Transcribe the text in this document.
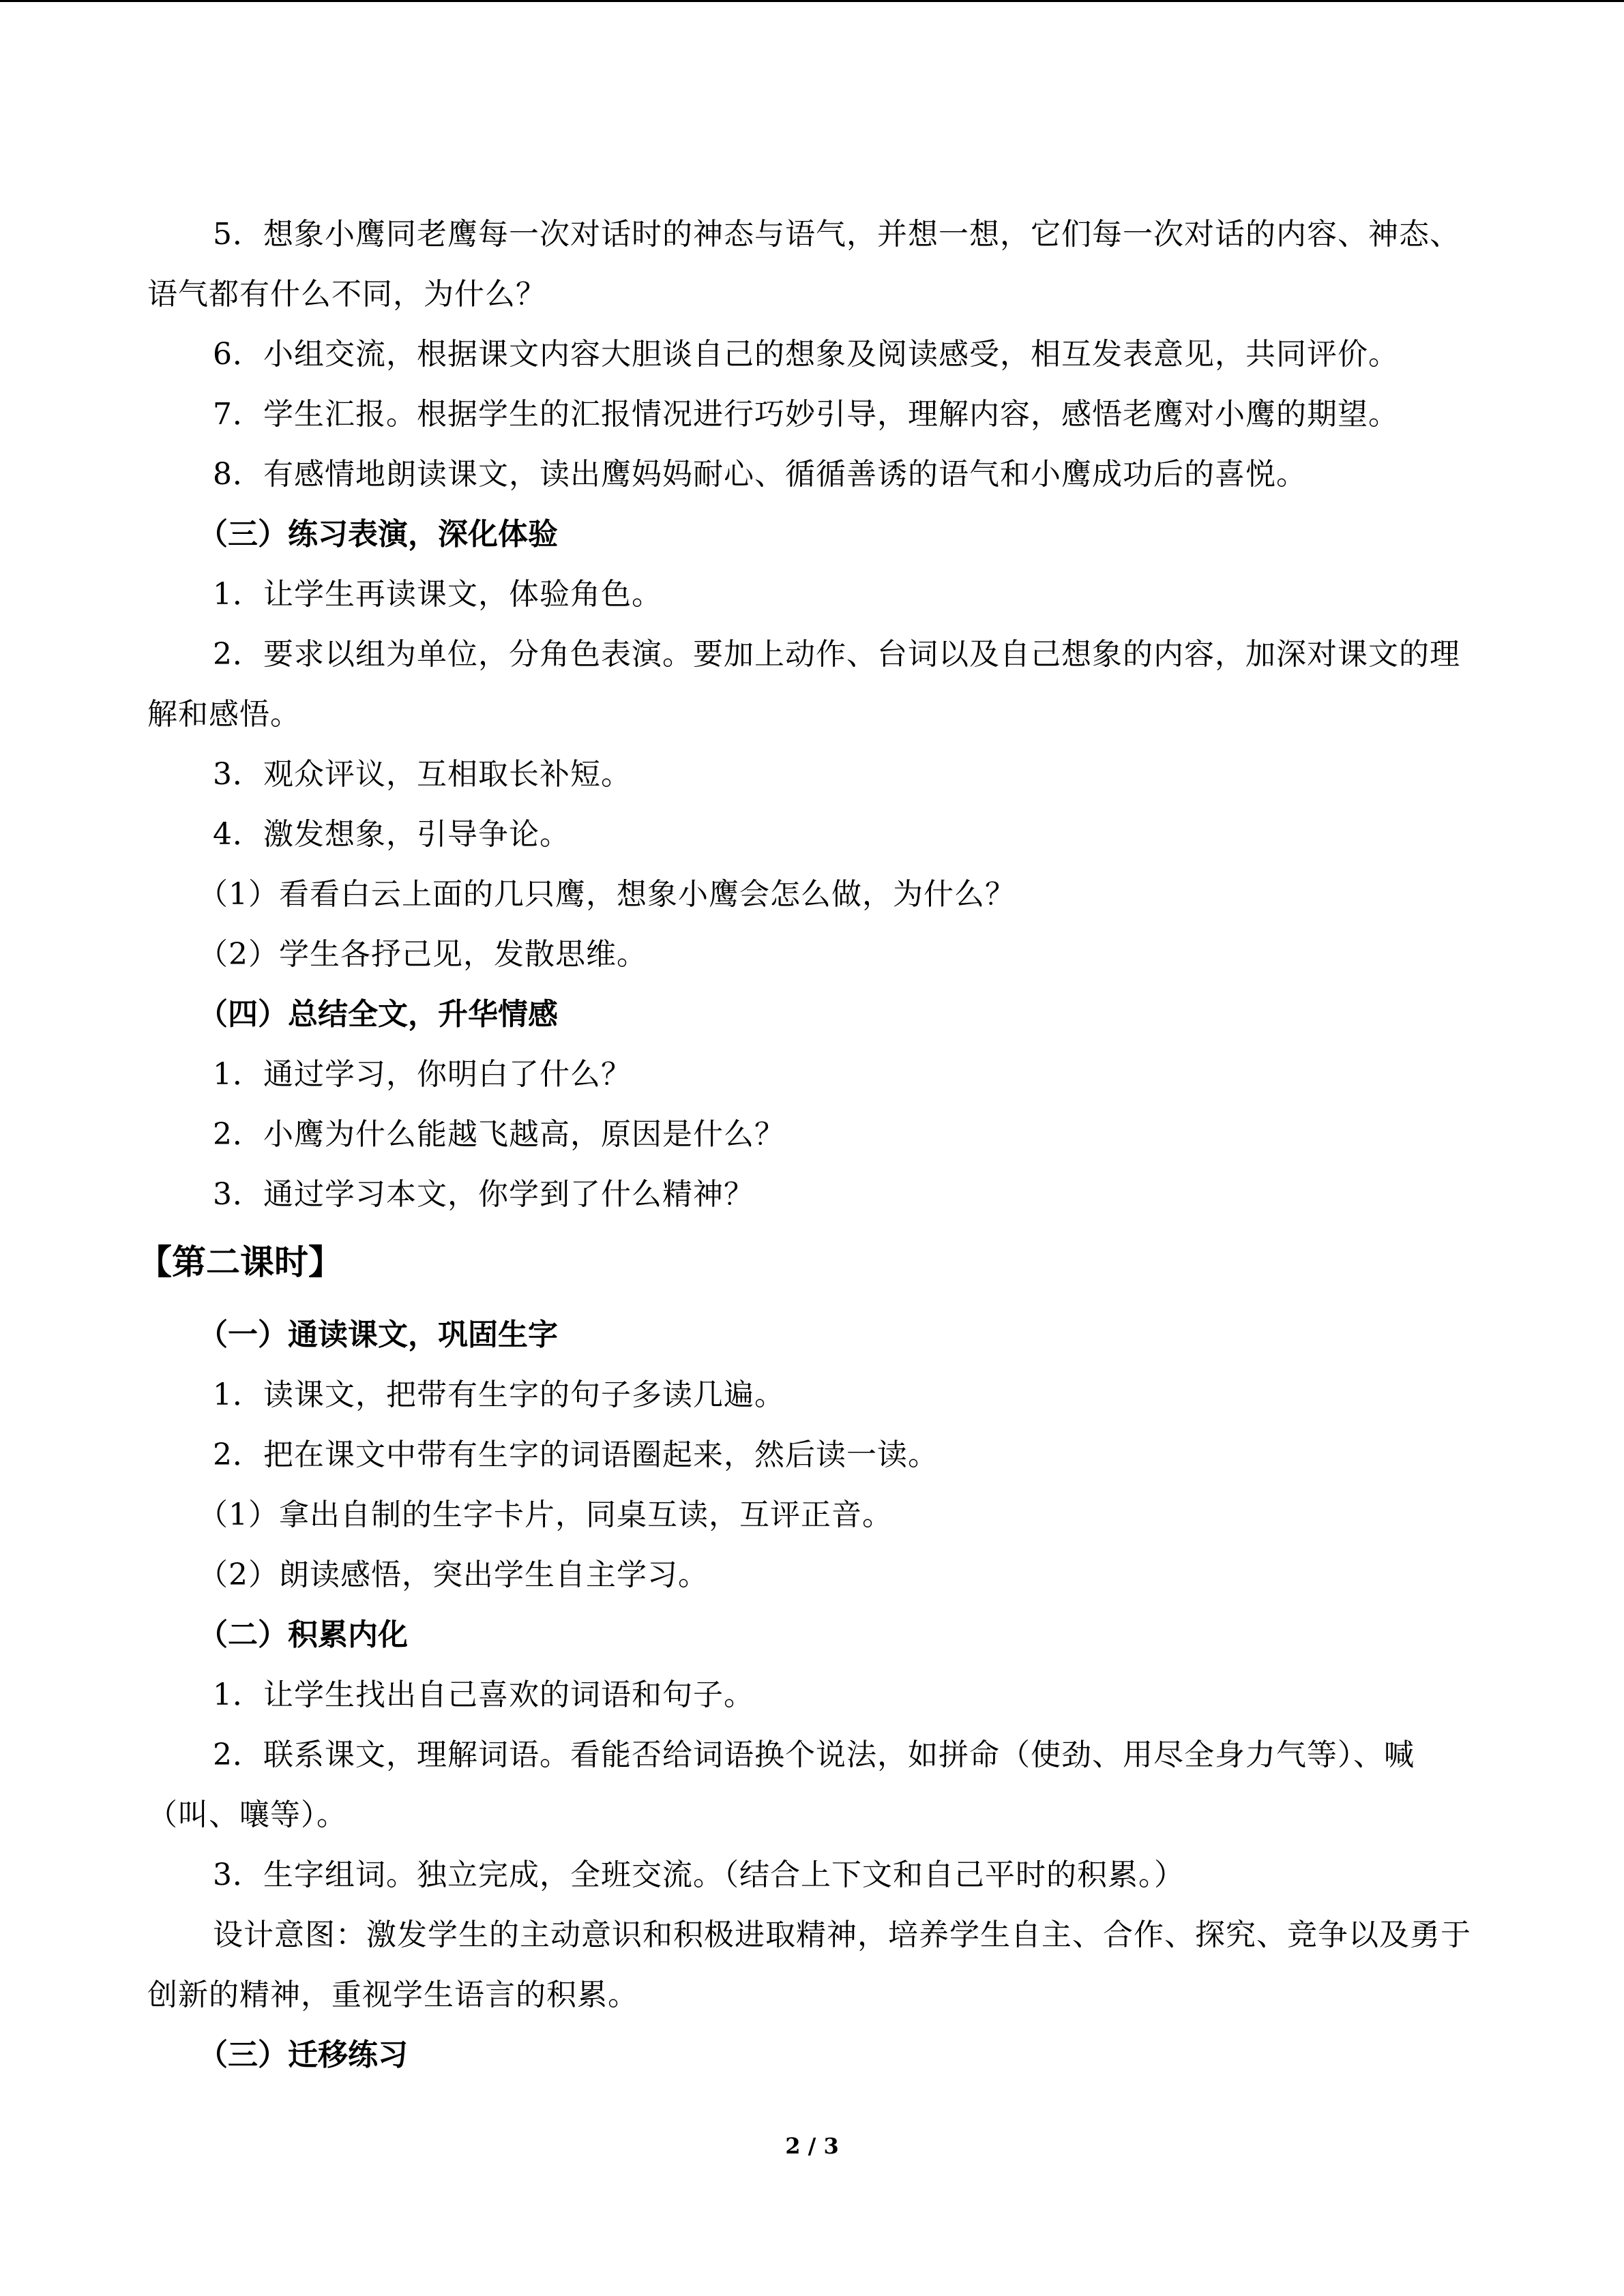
5．想象小鹰同老鹰每一次对话时的神态与语气，并想一想，它们每一次对话的内容、神态、语气都有什么不同，为什么？

6．小组交流，根据课文内容大胆谈自己的想象及阅读感受，相互发表意见，共同评价。

7．学生汇报。根据学生的汇报情况进行巧妙引导，理解内容，感悟老鹰对小鹰的期望。

8．有感情地朗读课文，读出鹰妈妈耐心、循循善诱的语气和小鹰成功后的喜悦。

（三）练习表演，深化体验

1．让学生再读课文，体验角色。

2．要求以组为单位，分角色表演。要加上动作、台词以及自己想象的内容，加深对课文的理解和感悟。

3．观众评议，互相取长补短。

4．激发想象，引导争论。

（1）看看白云上面的几只鹰，想象小鹰会怎么做，为什么？

（2）学生各抒己见，发散思维。

（四）总结全文，升华情感

1．通过学习，你明白了什么？

2．小鹰为什么能越飞越高，原因是什么？

3．通过学习本文，你学到了什么精神？

【第二课时】

（一）通读课文，巩固生字

1．读课文，把带有生字的句子多读几遍。

2．把在课文中带有生字的词语圈起来，然后读一读。

（1）拿出自制的生字卡片，同桌互读，互评正音。

（2）朗读感悟，突出学生自主学习。

（二）积累内化

1．让学生找出自己喜欢的词语和句子。

2．联系课文，理解词语。看能否给词语换个说法，如拼命（使劲、用尽全身力气等）、喊（叫、嚷等）。

3．生字组词。独立完成，全班交流。（结合上下文和自己平时的积累。）

设计意图：激发学生的主动意识和积极进取精神，培养学生自主、合作、探究、竞争以及勇于创新的精神，重视学生语言的积累。

（三）迁移练习

2 / 3
